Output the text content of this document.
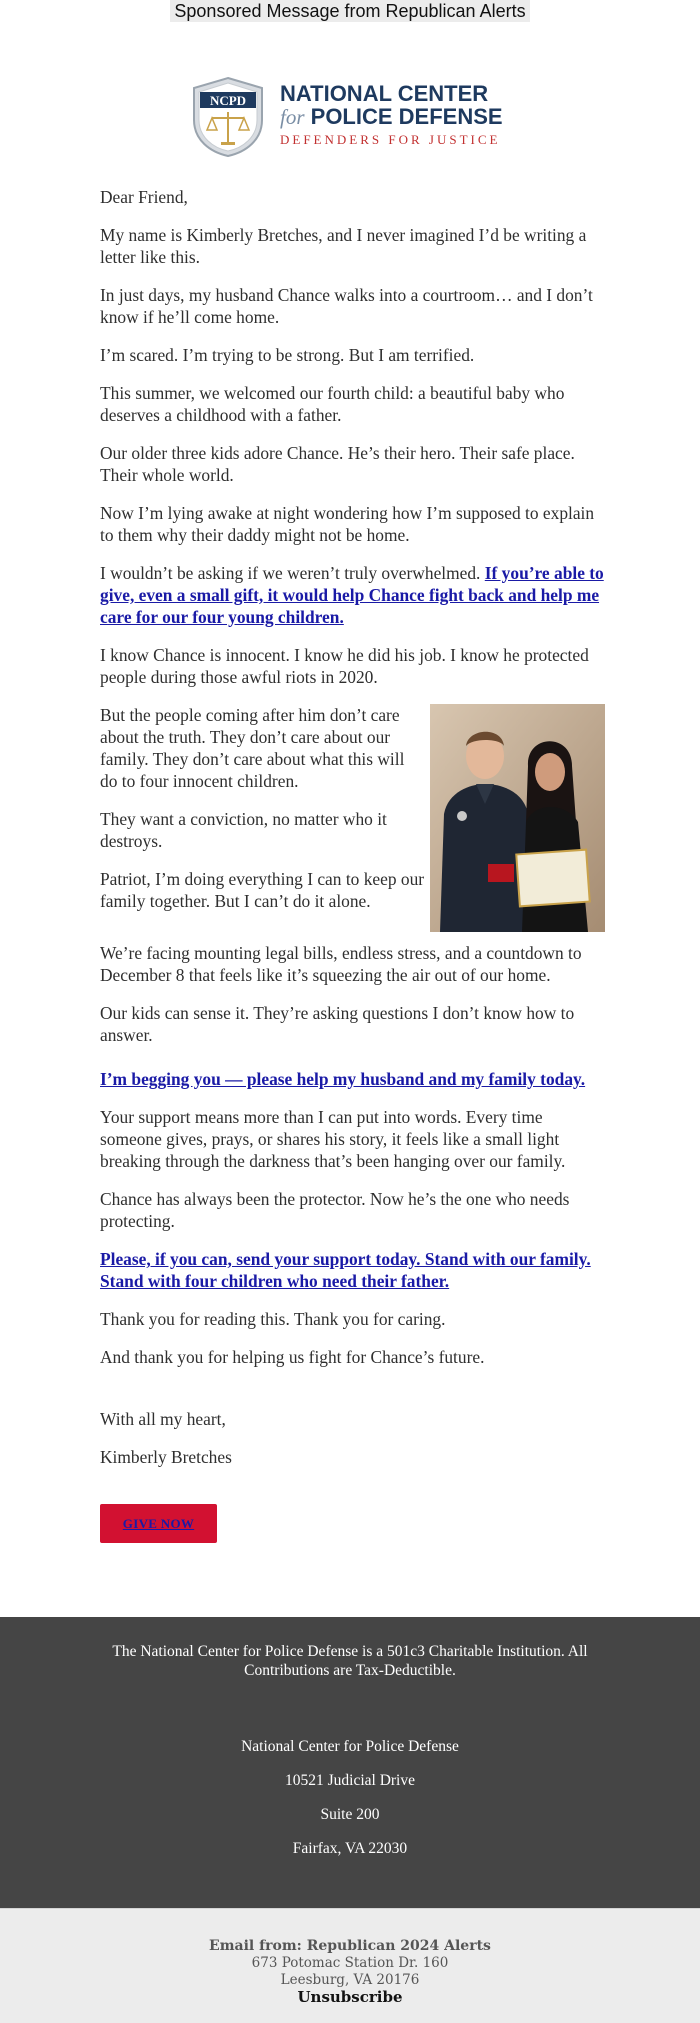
Sponsored Message from Republican Alerts
NCPD NATIONAL CENTER
for POLICE DEFENSE
DEFENDERS FOR JUSTICE

Dear Friend,

My name is Kimberly Bretches, and I never imagined I’d be writing a letter like this.

In just days, my husband Chance walks into a courtroom… and I don’t know if he’ll come home.

I’m scared. I’m trying to be strong. But I am terrified.

This summer, we welcomed our fourth child: a beautiful baby who deserves a childhood with a father.

Our older three kids adore Chance. He’s their hero. Their safe place. Their whole world.

Now I’m lying awake at night wondering how I’m supposed to explain to them why their daddy might not be home.

I wouldn’t be asking if we weren’t truly overwhelmed. If you’re able to give, even a small gift, it would help Chance fight back and help me care for our four young children.

I know Chance is innocent. I know he did his job. I know he protected people during those awful riots in 2020.

But the people coming after him don’t care about the truth. They don’t care about our family. They don’t care about what this will do to four innocent children.

They want a conviction, no matter who it destroys.

Patriot, I’m doing everything I can to keep our family together. But I can’t do it alone.

We’re facing mounting legal bills, endless stress, and a countdown to December 8 that feels like it’s squeezing the air out of our home.

Our kids can sense it. They’re asking questions I don’t know how to answer.

I’m begging you — please help my husband and my family today.

Your support means more than I can put into words. Every time someone gives, prays, or shares his story, it feels like a small light breaking through the darkness that’s been hanging over our family.

Chance has always been the protector. Now he’s the one who needs protecting.

Please, if you can, send your support today. Stand with our family. Stand with four children who need their father.

Thank you for reading this. Thank you for caring.

And thank you for helping us fight for Chance’s future.

With all my heart,

Kimberly Bretches

GIVE NOW
The National Center for Police Defense is a 501c3 Charitable Institution. All Contributions are Tax-Deductible.
National Center for Police Defense
10521 Judicial Drive
Suite 200
Fairfax, VA 22030
Email from: Republican 2024 Alerts
673 Potomac Station Dr. 160
Leesburg, VA 20176
Unsubscribe
